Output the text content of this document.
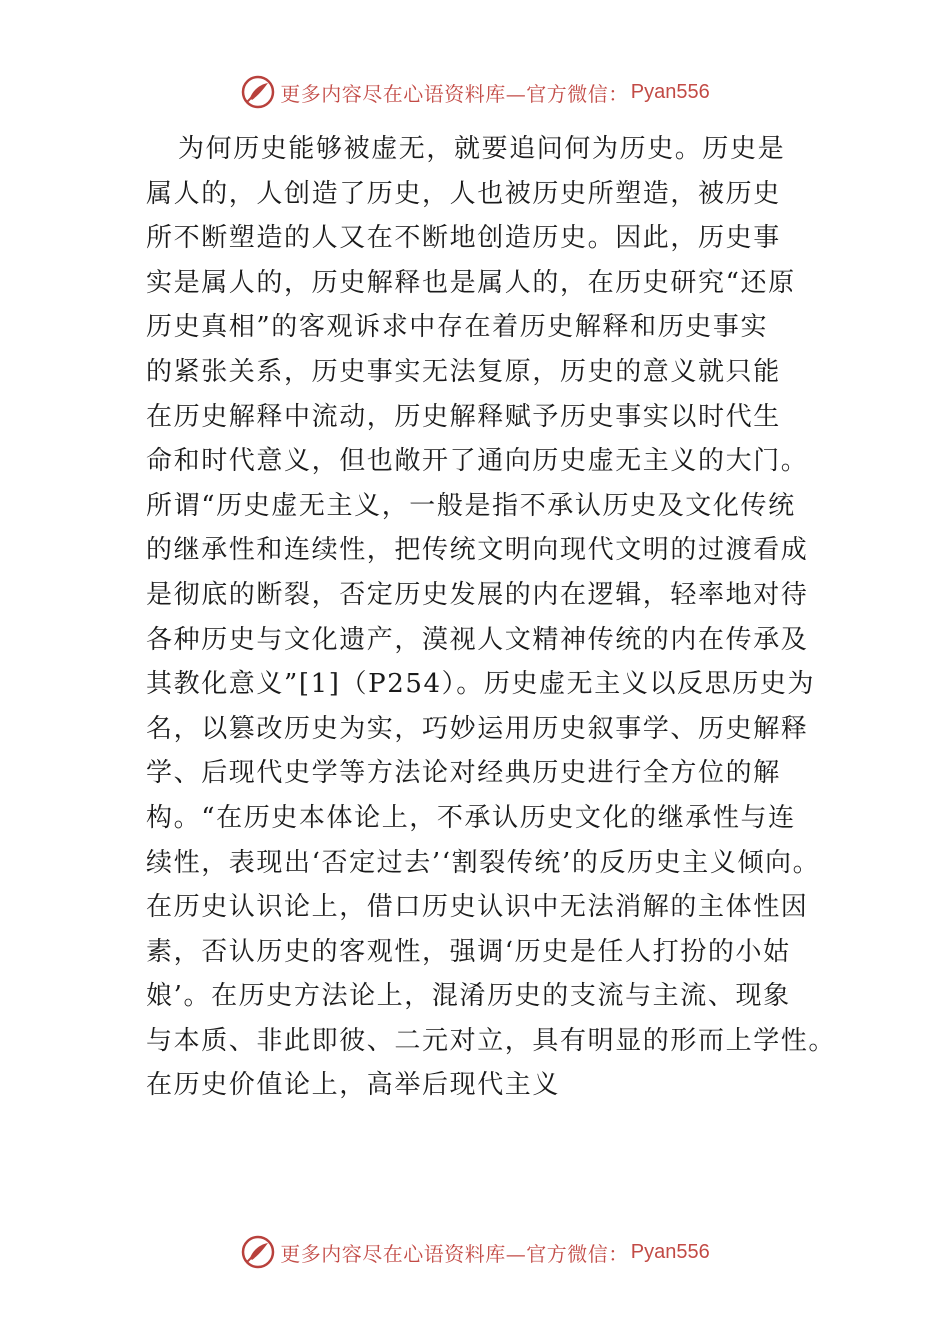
更多内容尽在心语资料库—官方微信： Pyan556
为何历史能够被虚无，就要追问何为历史。历史是
属人的，人创造了历史，人也被历史所塑造，被历史
所不断塑造的人又在不断地创造历史。因此，历史事
实是属人的，历史解释也是属人的，在历史研究“还原
历史真相”的客观诉求中存在着历史解释和历史事实
的紧张关系，历史事实无法复原，历史的意义就只能
在历史解释中流动，历史解释赋予历史事实以时代生
命和时代意义，但也敞开了通向历史虚无主义的大门。
所谓“历史虚无主义，一般是指不承认历史及文化传统
的继承性和连续性，把传统文明向现代文明的过渡看成
是彻底的断裂，否定历史发展的内在逻辑，轻率地对待
各种历史与文化遗产，漠视人文精神传统的内在传承及
其教化意义”[1]（P254）。历史虚无主义以反思历史为
名，以篡改历史为实，巧妙运用历史叙事学、历史解释
学、后现代史学等方法论对经典历史进行全方位的解
构。“在历史本体论上，不承认历史文化的继承性与连
续性，表现出‘否定过去’‘割裂传统’的反历史主义倾向。
在历史认识论上，借口历史认识中无法消解的主体性因
素，否认历史的客观性，强调‘历史是任人打扮的小姑
娘’。在历史方法论上，混淆历史的支流与主流、现象
与本质、非此即彼、二元对立，具有明显的形而上学性。
在历史价值论上，高举后现代主义
更多内容尽在心语资料库—官方微信： Pyan556
